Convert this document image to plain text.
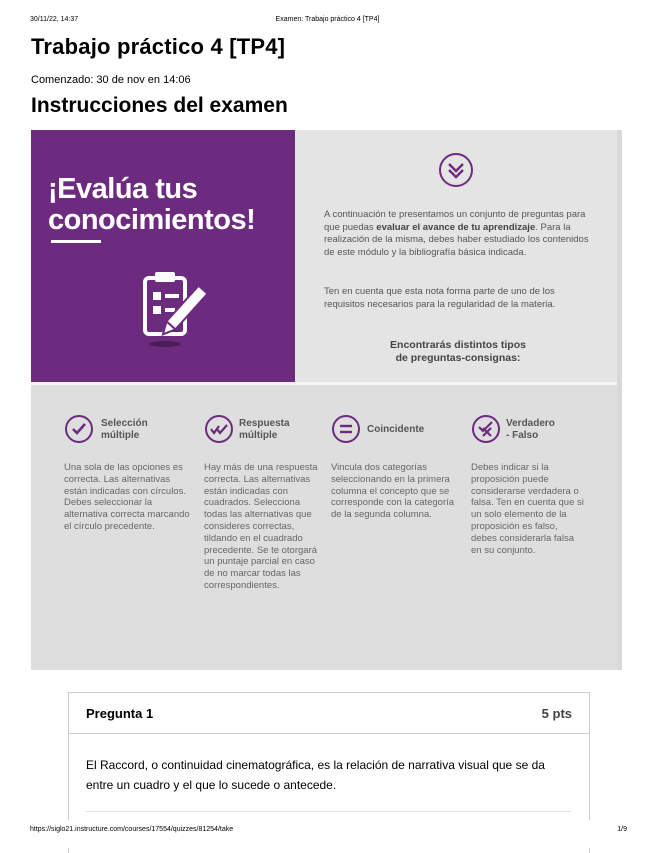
30/11/22, 14:37	Examen: Trabajo práctico 4 [TP4]
Trabajo práctico 4 [TP4]
Comenzado: 30 de nov en 14:06
Instrucciones del examen
¡Evalúa tus
conocimientos!	A continuación te presentamos un conjunto de preguntas para que puedas evaluar el avance de tu aprendizaje. Para la realización de la misma, debes haber estudiado los contenidos de este módulo y la bibliografía básica indicada.
Ten en cuenta que esta nota forma parte de uno de los requisitos necesarios para la regularidad de la materia.
Encontrarás distintos tipos
de preguntas-consignas:
Selección
múltiple
Una sola de las opciones es correcta. Las alternativas están indicadas con círculos. Debes seleccionar la alternativa correcta marcando el círculo precedente.
Respuesta
múltiple
Hay más de una respuesta correcta. Las alternativas están indicadas con cuadrados. Selecciona todas las alternativas que consideres correctas, tildando en el cuadrado precedente. Se te otorgará un puntaje parcial en caso de no marcar todas las correspondientes.
Coincidente
Vincula dos categorías seleccionando en la primera columna el concepto que se corresponde con la categoría de la segunda columna.
Verdadero
- Falso
Debes indicar si la proposición puede considerarse verdadera o falsa. Ten en cuenta que si un solo elemento de la proposición es falso, debes considerarla falsa en su conjunto.
Pregunta 1	5 pts
El Raccord, o continuidad cinematográfica, es la relación de narrativa visual que se da entre un cuadro y el que lo sucede o antecede.
https://siglo21.instructure.com/courses/17554/quizzes/81254/take	1/9
